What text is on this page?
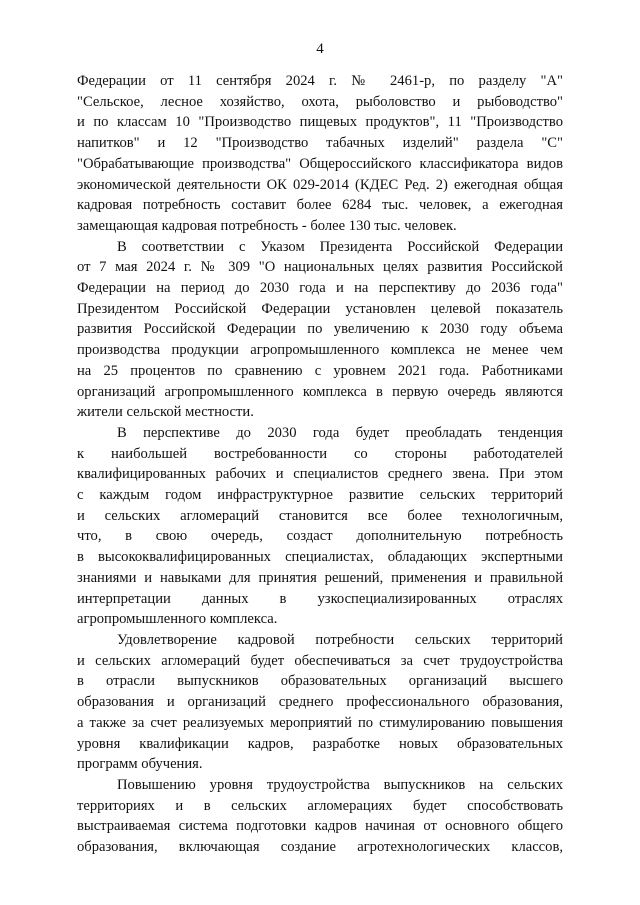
4
Федерации от 11 сентября 2024 г. № 2461-р, по разделу "А"
"Сельское, лесное хозяйство, охота, рыболовство и рыбоводство"
и по классам 10 "Производство пищевых продуктов", 11 "Производство
напитков" и 12 "Производство табачных изделий" раздела "С"
"Обрабатывающие производства" Общероссийского классификатора видов
экономической деятельности ОК 029-2014 (КДЕС Ред. 2) ежегодная общая
кадровая потребность составит более 6284 тыс. человек, а ежегодная
замещающая кадровая потребность - более 130 тыс. человек.
В соответствии с Указом Президента Российской Федерации
от 7 мая 2024 г. № 309 "О национальных целях развития Российской
Федерации на период до 2030 года и на перспективу до 2036 года"
Президентом Российской Федерации установлен целевой показатель
развития Российской Федерации по увеличению к 2030 году объема
производства продукции агропромышленного комплекса не менее чем
на 25 процентов по сравнению с уровнем 2021 года. Работниками
организаций агропромышленного комплекса в первую очередь являются
жители сельской местности.
В перспективе до 2030 года будет преобладать тенденция
к наибольшей востребованности со стороны работодателей
квалифицированных рабочих и специалистов среднего звена. При этом
с каждым годом инфраструктурное развитие сельских территорий
и сельских агломераций становится все более технологичным,
что, в свою очередь, создаст дополнительную потребность
в высококвалифицированных специалистах, обладающих экспертными
знаниями и навыками для принятия решений, применения и правильной
интерпретации данных в узкоспециализированных отраслях
агропромышленного комплекса.
Удовлетворение кадровой потребности сельских территорий
и сельских агломераций будет обеспечиваться за счет трудоустройства
в отрасли выпускников образовательных организаций высшего
образования и организаций среднего профессионального образования,
а также за счет реализуемых мероприятий по стимулированию повышения
уровня квалификации кадров, разработке новых образовательных
программ обучения.
Повышению уровня трудоустройства выпускников на сельских
территориях и в сельских агломерациях будет способствовать
выстраиваемая система подготовки кадров начиная от основного общего
образования, включающая создание агротехнологических классов,
